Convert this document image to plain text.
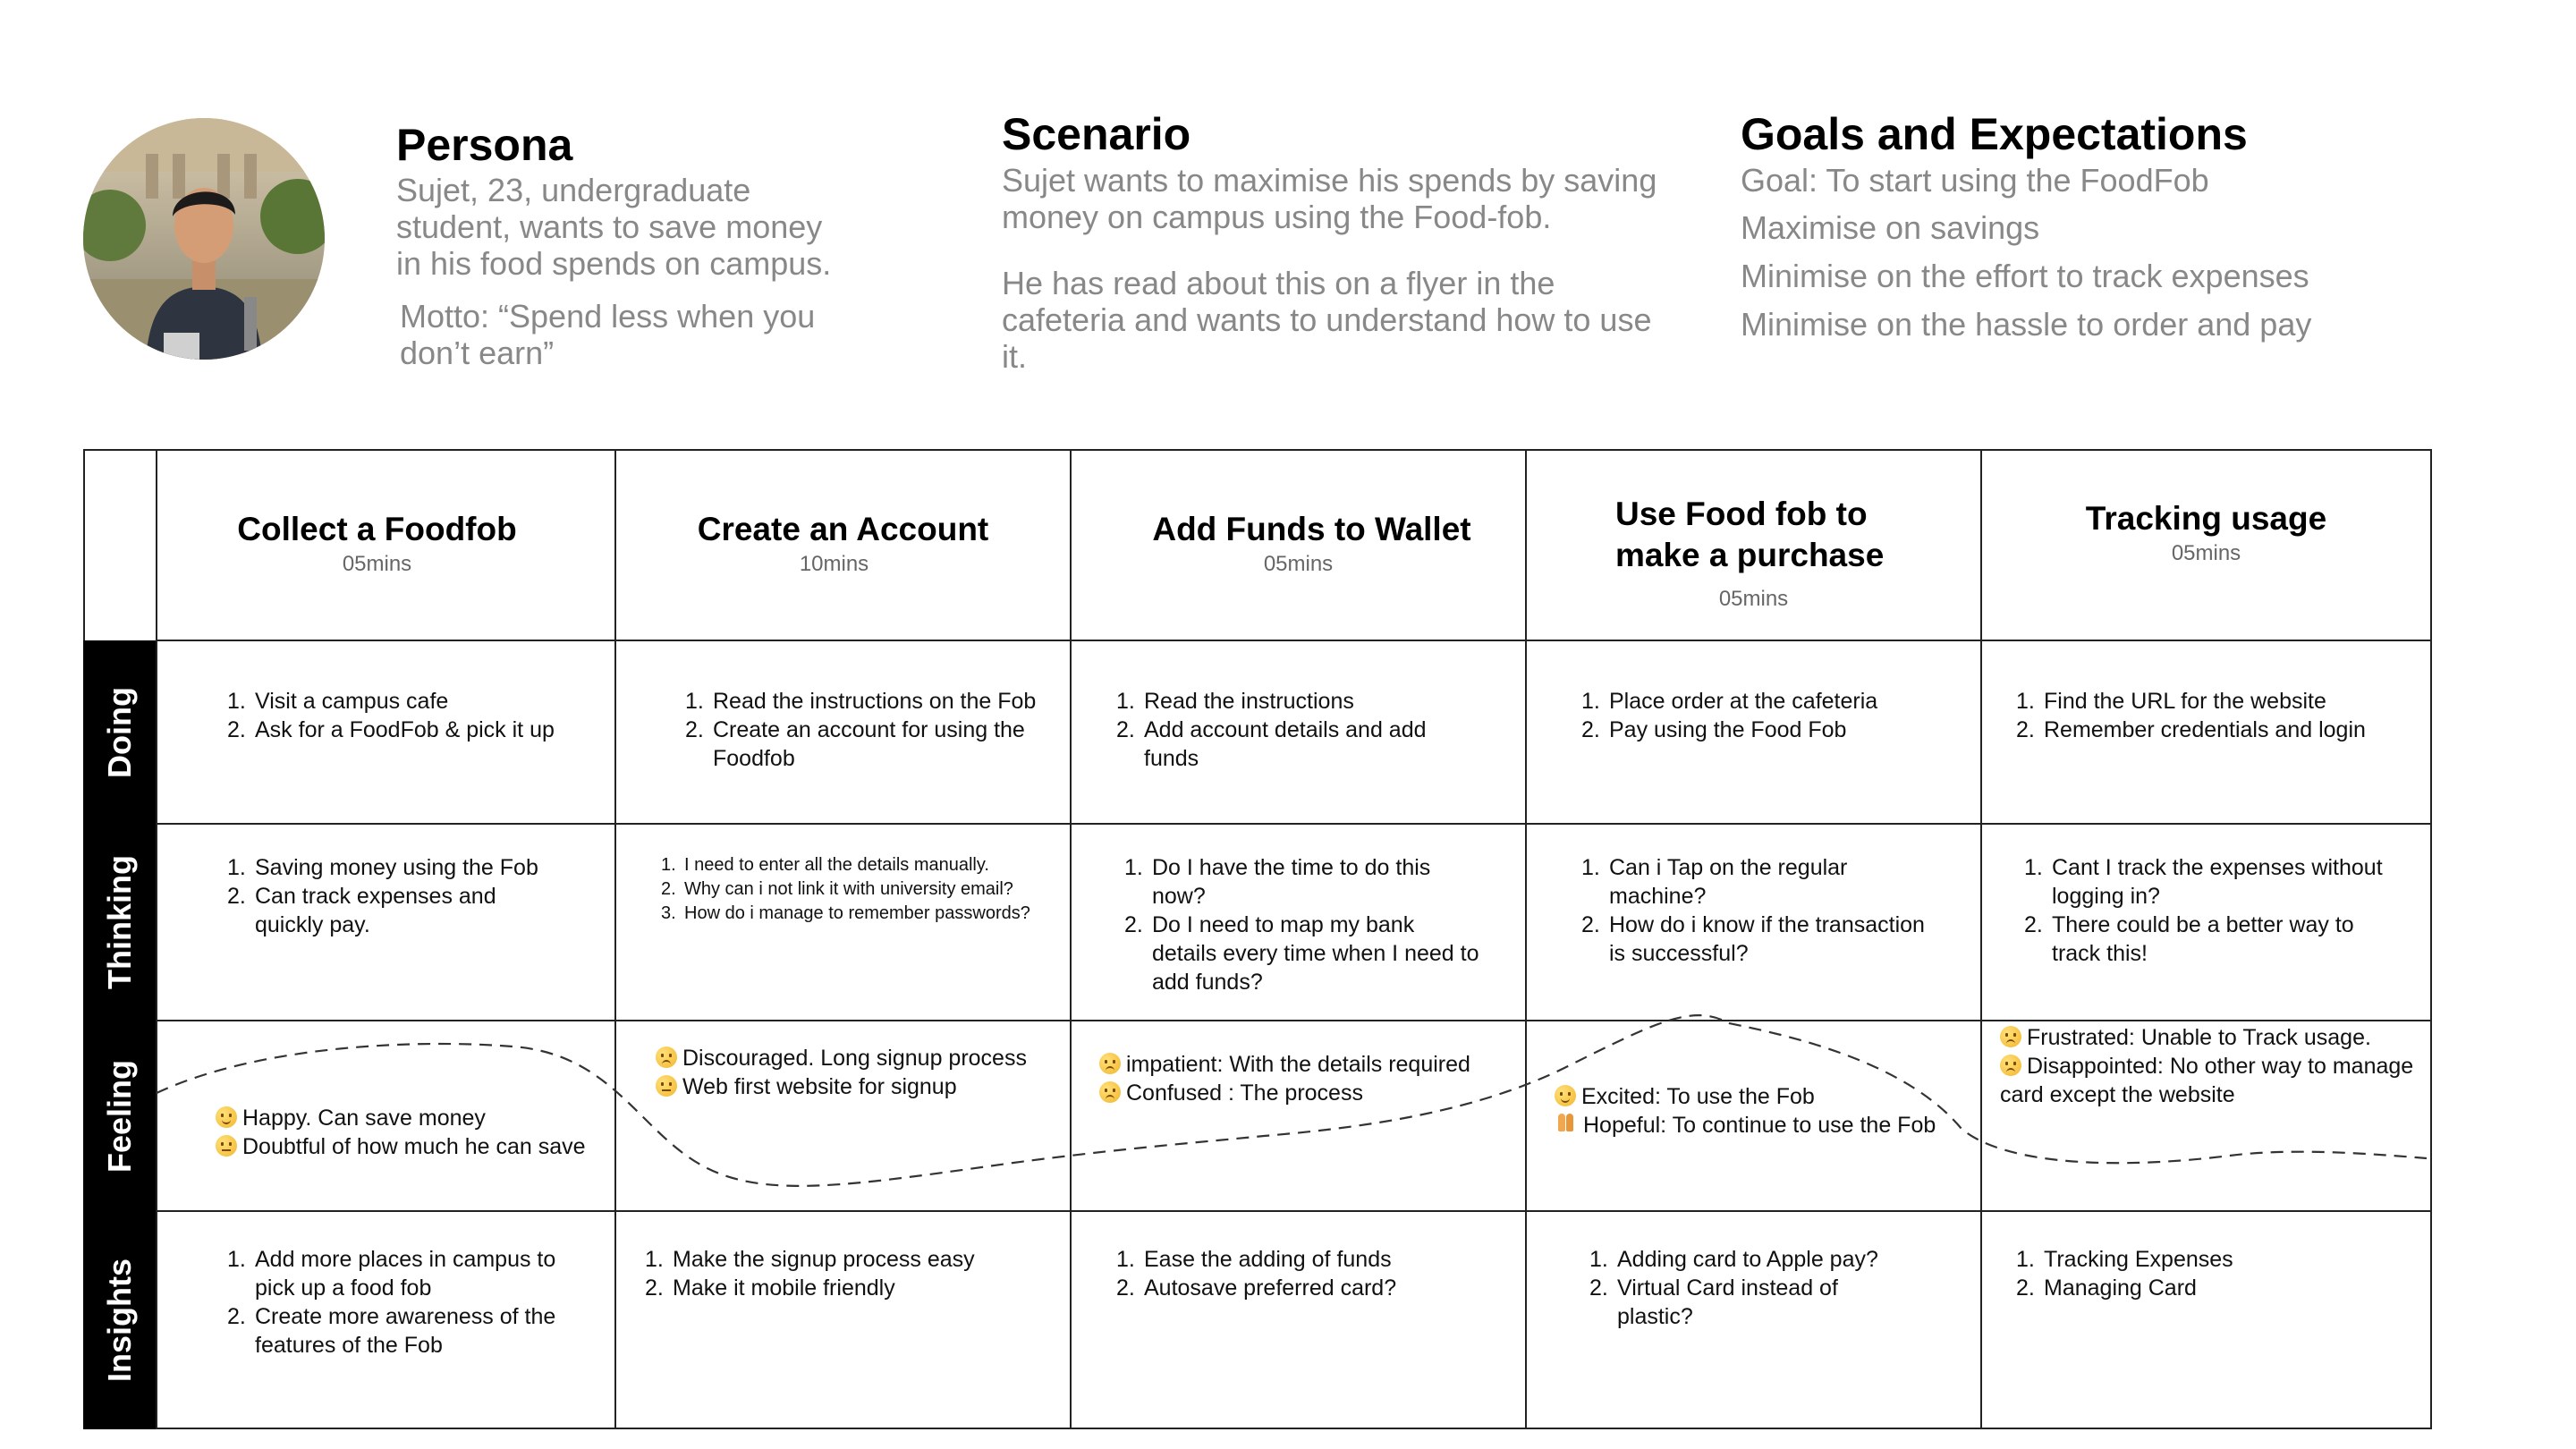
Persona

Sujet, 23, undergraduate

student, wants to save money

in his food spends on campus.

Motto: “Spend less when you

don’t earn”

Scenario

Sujet wants to maximise his spends by saving

money on campus using the Food-fob.

He has read about this on a flyer in the

cafeteria and wants to understand how to use

it.

Goals and Expectations

Goal: To start using the FoodFob

Maximise on savings

Minimise on the effort to track expenses

Minimise on the hassle to order and pay

Doing
Thinking
Feeling
Insights
Collect a Foodfob
05mins
Create an Account
10mins
Add Funds to Wallet
05mins
Use Food fob to
make a purchase
05mins
Tracking usage
05mins
1. Visit a campus cafe
2. Ask for a FoodFob & pick it up
1. Read the instructions on the Fob
2. Create an account for using the Foodfob
1. Read the instructions
2. Add account details and add funds
1. Place order at the cafeteria
2. Pay using the Food Fob
1. Find the URL for the website
2. Remember credentials and login
1. Saving money using the Fob
2. Can track expenses and quickly pay.
1. I need to enter all the details manually.
2. Why can i not link it with university email?
3. How do i manage to remember passwords?
1. Do I have the time to do this now?
2. Do I need to map my bank details every time when I need to add funds?
1. Can i Tap on the regular machine?
2. How do i know if the transaction is successful?
1. Cant I track the expenses without logging in?
2. There could be a better way to track this!
Happy. Can save money
Doubtful of how much he can save
Discouraged. Long signup process
Web first website for signup
impatient: With the details required
Confused : The process	Excited: To use the Fob
Hopeful: To continue to use the Fob
Frustrated: Unable to Track usage.
Disappointed: No other way to manage card except the website
1. Add more places in campus to pick up a food fob
2. Create more awareness of the features of the Fob
1. Make the signup process easy
2. Make it mobile friendly
1. Ease the adding of funds
2. Autosave preferred card?
1. Adding card to Apple pay?
2. Virtual Card instead of plastic?
1. Tracking Expenses
2. Managing Card
